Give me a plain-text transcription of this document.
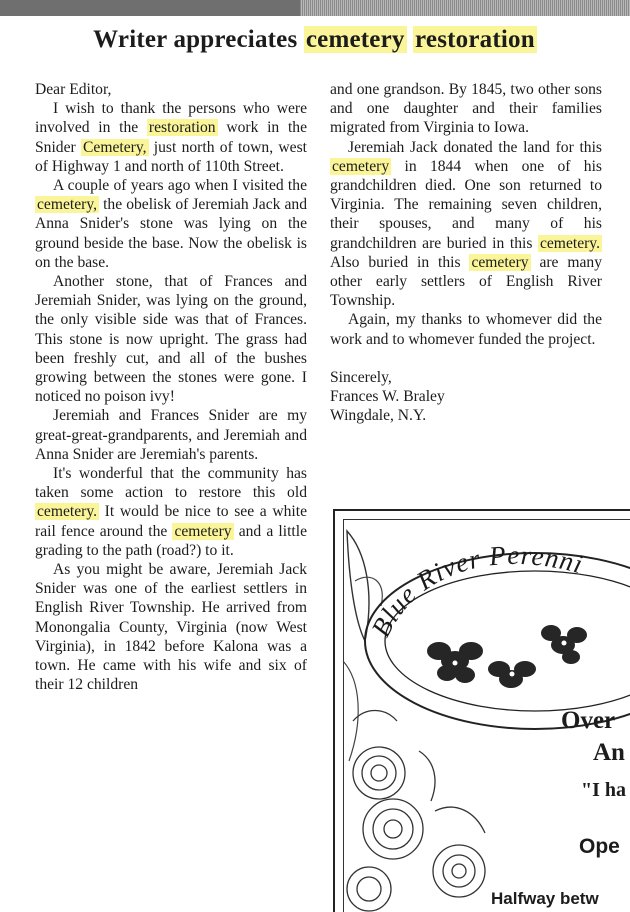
Writer appreciates cemetery restoration

Dear Editor,

I wish to thank the persons who were involved in the restoration work in the Snider Cemetery, just north of town, west of Highway 1 and north of 110th Street.

A couple of years ago when I visited the cemetery, the obelisk of Jeremiah Jack and Anna Snider's stone was lying on the ground beside the base. Now the obelisk is on the base.

Another stone, that of Frances and Jeremiah Snider, was lying on the ground, the only visible side was that of Frances. This stone is now upright. The grass had been freshly cut, and all of the bushes growing between the stones were gone. I noticed no poison ivy!

Jeremiah and Frances Snider are my great-great-grandparents, and Jeremiah and Anna Snider are Jeremiah's parents.

It's wonderful that the community has taken some action to restore this old cemetery. It would be nice to see a white rail fence around the cemetery and a little grading to the path (road?) to it.

As you might be aware, Jeremiah Jack Snider was one of the earliest settlers in English River Township. He arrived from Monongalia County, Virginia (now West Virginia), in 1842 before Kalona was a town. He came with his wife and six of their 12 children

and one grandson. By 1845, two other sons and one daughter and their families migrated from Virginia to Iowa.

Jeremiah Jack donated the land for this cemetery in 1844 when one of his grandchildren died. One son returned to Virginia. The remaining seven children, their spouses, and many of his grandchildren are buried in this cemetery. Also buried in this cemetery are many other early settlers of English River Township.

Again, my thanks to whomever did the work and to whomever funded the project.

Sincerely,

Frances W. Braley

Wingdale, N.Y.

Blue River Perenni
Over
An
"I ha
Ope
Halfway betw
